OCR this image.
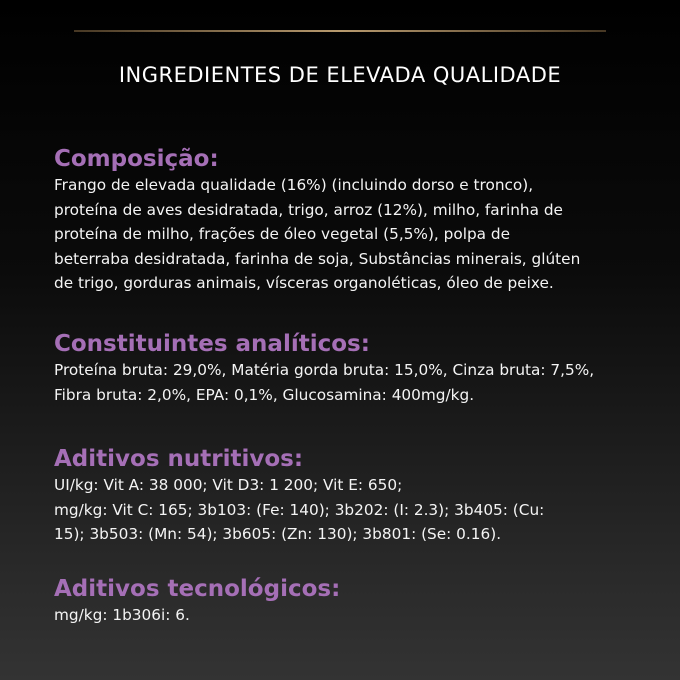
INGREDIENTES DE ELEVADA QUALIDADE
Composição:
Frango de elevada qualidade (16%) (incluindo dorso e tronco),
proteína de aves desidratada, trigo, arroz (12%), milho, farinha de
proteína de milho, frações de óleo vegetal (5,5%), polpa de
beterraba desidratada, farinha de soja, Substâncias minerais, glúten
de trigo, gorduras animais, vísceras organoléticas, óleo de peixe.
Constituintes analíticos:
Proteína bruta: 29,0%, Matéria gorda bruta: 15,0%, Cinza bruta: 7,5%,
Fibra bruta: 2,0%, EPA: 0,1%, Glucosamina: 400mg/kg.
Aditivos nutritivos:
UI/kg: Vit A: 38 000; Vit D3: 1 200; Vit E: 650;
mg/kg: Vit C: 165; 3b103: (Fe: 140); 3b202: (I: 2.3); 3b405: (Cu:
15); 3b503: (Mn: 54); 3b605: (Zn: 130); 3b801: (Se: 0.16).
Aditivos tecnológicos:
mg/kg: 1b306i: 6.
